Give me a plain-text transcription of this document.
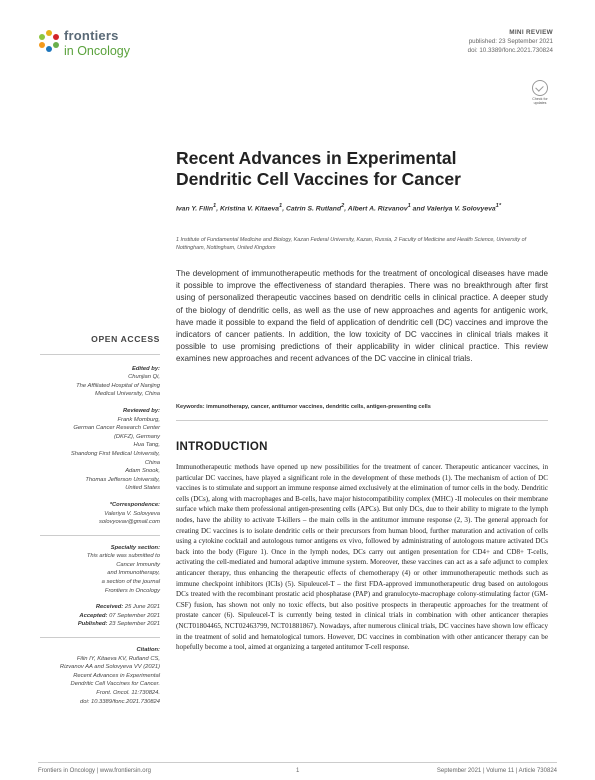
frontiers
in Oncology
MINI REVIEW
published: 23 September 2021
doi: 10.3389/fonc.2021.730824
Check for updates
Recent Advances in Experimental Dendritic Cell Vaccines for Cancer
Ivan Y. Filin$^1$, Kristina V. Kitaeva$^1$, Catrin S. Rutland$^2$, Albert A. Rizvanov$^1$ and Valeriya V. Solovyeva$^{1*}$
1 Institute of Fundamental Medicine and Biology, Kazan Federal University, Kazan, Russia, 2 Faculty of Medicine and Health Science, University of Nottingham, Nottingham, United Kingdom
The development of immunotherapeutic methods for the treatment of oncological diseases have made it possible to improve the effectiveness of standard therapies. There was no breakthrough after first using of personalized therapeutic vaccines based on dendritic cells in clinical practice. A deeper study of the biology of dendritic cells, as well as the use of new approaches and agents for antigenic work, have made it possible to expand the field of application of dendritic cell (DC) vaccines and improve the indicators of cancer patients. In addition, the low toxicity of DC vaccines in clinical trials makes it possible to use promising predictions of their applicability in wider clinical practice. This review examines new approaches and recent advances of the DC vaccine in clinical trials.
Keywords: immunotherapy, cancer, antitumor vaccines, dendritic cells, antigen-presenting cells
INTRODUCTION
Immunotherapeutic methods have opened up new possibilities for the treatment of cancer. Therapeutic anticancer vaccines, in particular DC vaccines, have played a significant role in the development of these methods (1). The mechanism of action of DC vaccines is to stimulate and support an immune response aimed exclusively at the elimination of tumor cells in the body. Dendritic cells (DCs), along with macrophages and B-cells, have major histocompatibility complex (MHC) -II molecules on their membrane surface which make them professional antigen-presenting cells (APCs). But only DCs, due to their ability to migrate to the lymph nodes, have the ability to activate T-killers – the main cells in the antitumor immune response (2, 3). The general approach for creating DC vaccines is to isolate dendritic cells or their precursors from human blood, further maturation and activation of cells using a cytokine cocktail and autologous tumor antigens ex vivo, followed by administrating of autologous mature activated DCs back into the body (Figure 1). Once in the lymph nodes, DCs carry out antigen presentation for CD4+ and CD8+ T-cells, activating the cell-mediated and humoral adaptive immune system. Moreover, these vaccines can act as a safe adjunct to complex anticancer therapy, thus enhancing the therapeutic effects of chemotherapy (4) or other immunotherapeutic methods such as immune checkpoint inhibitors (ICIs) (5). Sipuleucel-T – the first FDA-approved immunotherapeutic drug based on autologous DCs treated with the recombinant prostatic acid phosphatase (PAP) and granulocyte-macrophage colony-stimulating factor (GM-CSF) fusion, has shown not only no toxic effects, but also positive prospects in therapeutic approaches for the treatment of prostate cancer (6). Sipuleucel-T is currently being tested in clinical trials in combination with other anticancer therapies (NCT01804465, NCT02463799, NCT01881867). Nowadays, after numerous clinical trials, DC vaccines have shown low efficacy in the treatment of solid and hematological tumors. However, DC vaccines in combination with other anticancer therapy can be hopefully become a tool, aimed at organizing a targeted antitumor T-cell response.
OPEN ACCESS
Edited by:
Chunjian Qi,
The Affiliated Hospital of Nanjing
Medical University, China
Reviewed by:
Frank Momburg,
German Cancer Research Center
(DKFZ), Germany
Hua Tang,
Shandong First Medical University,
China
Adam Snook,
Thomas Jefferson University,
United States
*Correspondence:
Valeriya V. Solovyeva
solovyovav@gmail.com
Specialty section:
This article was submitted to
Cancer Immunity
and Immunotherapy,
a section of the journal
Frontiers in Oncology
Received: 25 June 2021
Accepted: 07 September 2021
Published: 23 September 2021
Citation:
Filin IY, Kitaeva KV, Rutland CS,
Rizvanov AA and Solovyeva VV (2021)
Recent Advances in Experimental
Dendritic Cell Vaccines for Cancer.
Front. Oncol. 11:730824.
doi: 10.3389/fonc.2021.730824
Frontiers in Oncology | www.frontiersin.org	1	September 2021 | Volume 11 | Article 730824
